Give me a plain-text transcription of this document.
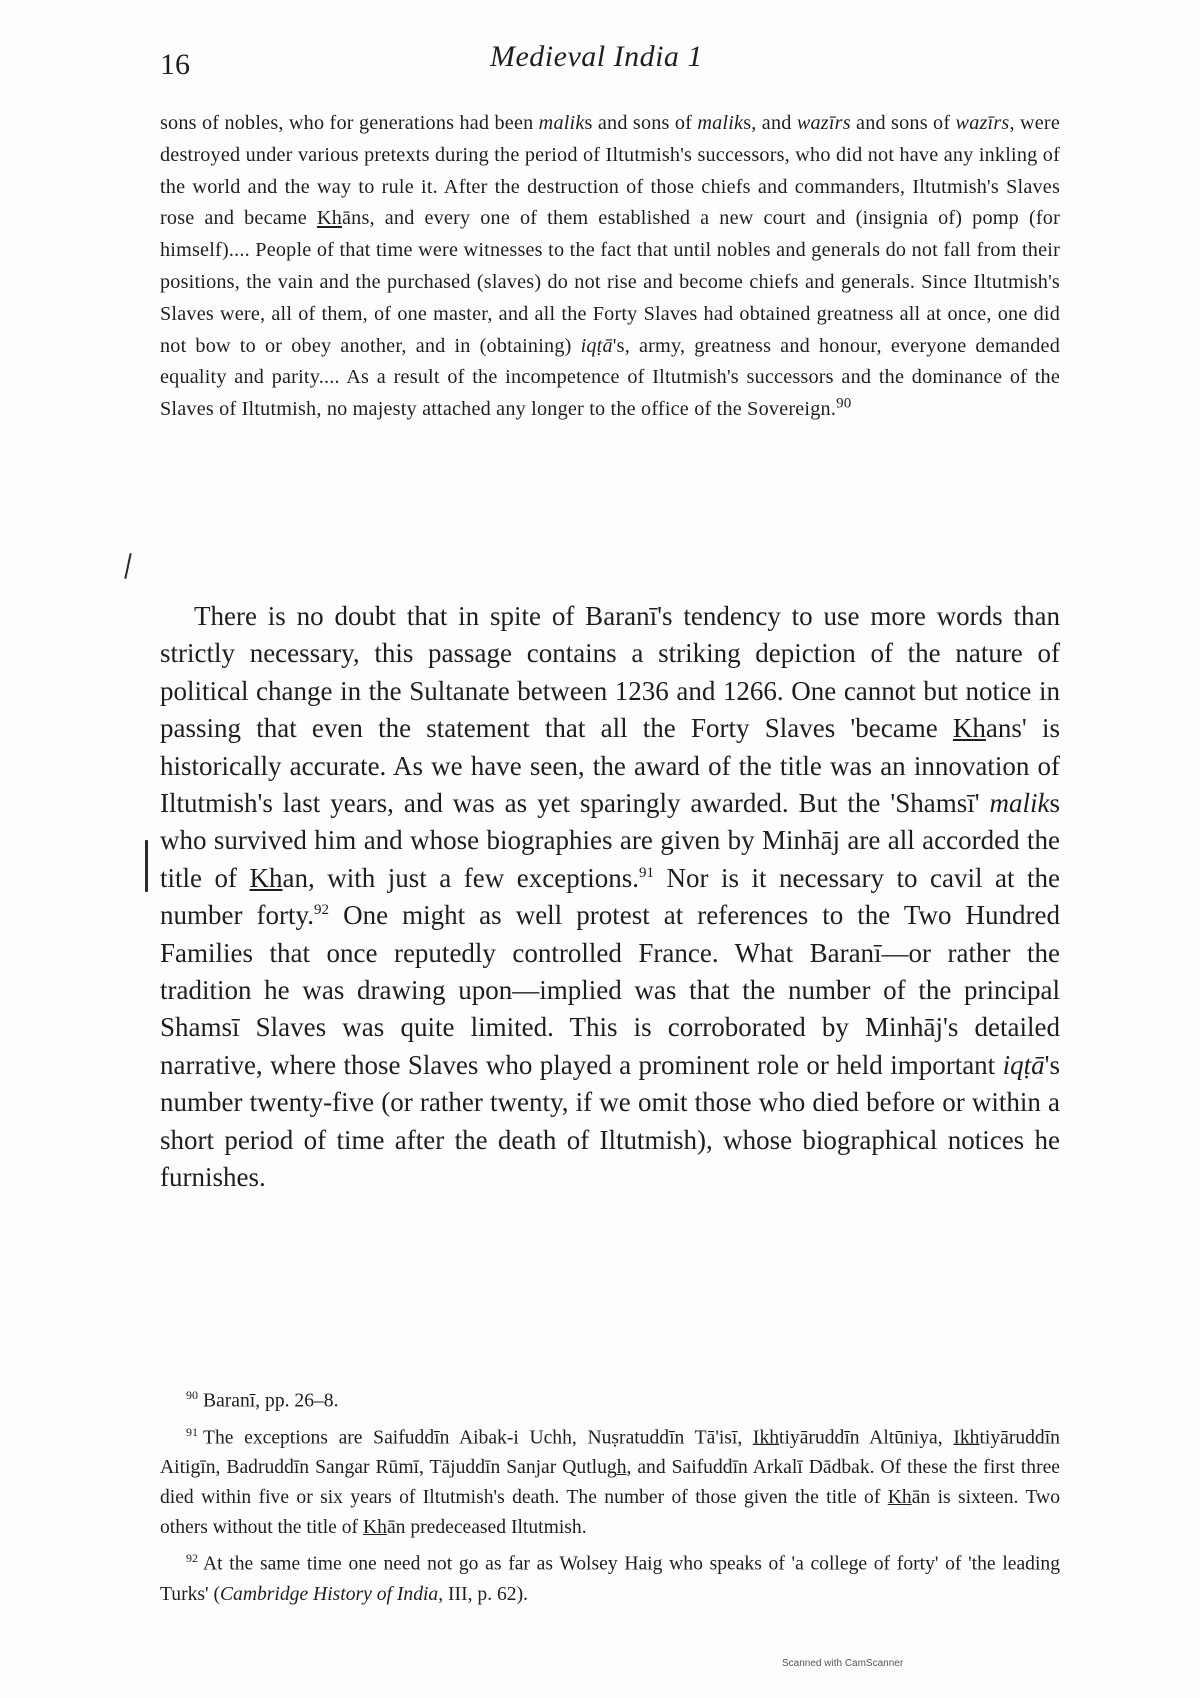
16	Medieval India 1

sons of nobles, who for generations had been maliks and sons of maliks, and wazīrs and sons of wazīrs, were destroyed under various pretexts during the period of Iltutmish's successors, who did not have any inkling of the world and the way to rule it. After the destruction of those chiefs and commanders, Iltutmish's Slaves rose and became Khāns, and every one of them established a new court and (insignia of) pomp (for himself).... People of that time were witnesses to the fact that until nobles and generals do not fall from their positions, the vain and the purchased (slaves) do not rise and become chiefs and generals. Since Iltutmish's Slaves were, all of them, of one master, and all the Forty Slaves had obtained greatness all at once, one did not bow to or obey another, and in (obtaining) iqṭā's, army, greatness and honour, everyone demanded equality and parity.... As a result of the incompetence of Iltutmish's successors and the dominance of the Slaves of Iltutmish, no majesty attached any longer to the office of the Sovereign.$^{90}$

There is no doubt that in spite of Baranī's tendency to use more words than strictly necessary, this passage contains a striking depiction of the nature of political change in the Sultanate between 1236 and 1266. One cannot but notice in passing that even the statement that all the Forty Slaves 'became Khans' is historically accurate. As we have seen, the award of the title was an innovation of Iltutmish's last years, and was as yet sparingly awarded. But the 'Shamsī' maliks who survived him and whose biographies are given by Minhāj are all accorded the title of Khan, with just a few exceptions.$^{91}$ Nor is it necessary to cavil at the number forty.$^{92}$ One might as well protest at references to the Two Hundred Families that once reputedly controlled France. What Baranī—or rather the tradition he was drawing upon—implied was that the number of the principal Shamsī Slaves was quite limited. This is corroborated by Minhāj's detailed narrative, where those Slaves who played a prominent role or held important iqṭā's number twenty-five (or rather twenty, if we omit those who died before or within a short period of time after the death of Iltutmish), whose biographical notices he furnishes.

$^{90}$ Baranī, pp. 26–8.

$^{91}$ The exceptions are Saifuddīn Aibak-i Uchh, Nuṣratuddīn Tā'isī, Ikhtiyāruddīn Altūniya, Ikhtiyāruddīn Aitigīn, Badruddīn Sangar Rūmī, Tājuddīn Sanjar Qutlugh, and Saifuddīn Arkalī Dādbak. Of these the first three died within five or six years of Iltutmish's death. The number of those given the title of Khān is sixteen. Two others without the title of Khān predeceased Iltutmish.

$^{92}$ At the same time one need not go as far as Wolsey Haig who speaks of 'a college of forty' of 'the leading Turks' (Cambridge History of India, III, p. 62).

Scanned with CamScanner
